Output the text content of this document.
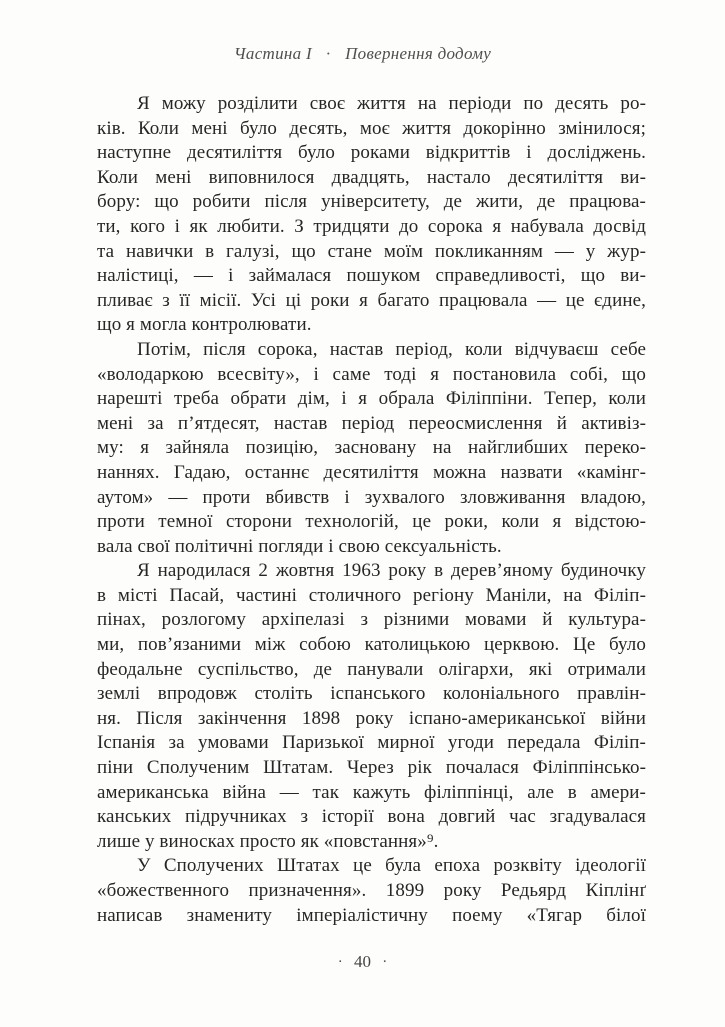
Частина I · Повернення додому
Я можу розділити своє життя на періоди по десять ро-
ків. Коли мені було десять, моє життя докорінно змінилося;
наступне десятиліття було роками відкриттів і досліджень.
Коли мені виповнилося двадцять, настало десятиліття ви-
бору: що робити після університету, де жити, де працюва-
ти, кого і як любити. З тридцяти до сорока я набувала досвід
та навички в галузі, що стане моїм покликанням — у жур-
налістиці, — і займалася пошуком справедливості, що ви-
пливає з її місії. Усі ці роки я багато працювала — це єдине,
що я могла контролювати.
Потім, після сорока, настав період, коли відчуваєш себе
«володаркою всесвіту», і саме тоді я постановила собі, що
нарешті треба обрати дім, і я обрала Філіппіни. Тепер, коли
мені за п’ятдесят, настав період переосмислення й активіз-
му: я зайняла позицію, засновану на найглибших переко-
наннях. Гадаю, останнє десятиліття можна назвати «камінг-
аутом» — проти вбивств і зухвалого зловживання владою,
проти темної сторони технологій, це роки, коли я відстою-
вала свої політичні погляди і свою сексуальність.
Я народилася 2 жовтня 1963 року в дерев’яному будиночку
в місті Пасай, частині столичного регіону Маніли, на Філіп-
пінах, розлогому архіпелазі з різними мовами й культура-
ми, пов’язаними між собою католицькою церквою. Це було
феодальне суспільство, де панували олігархи, які отримали
землі впродовж століть іспанського колоніального правлін-
ня. Після закінчення 1898 року іспано-американської війни
Іспанія за умовами Паризької мирної угоди передала Філіп-
піни Сполученим Штатам. Через рік почалася Філіппінсько-
американська війна — так кажуть філіппінці, але в амери-
канських підручниках з історії вона довгий час згадувалася
лише у виносках просто як «повстання»⁹.
У Сполучених Штатах це була епоха розквіту ідеології
«божественного призначення». 1899 року Редьярд Кіплінґ
написав знамениту імперіалістичну поему «Тягар білої
· 40 ·
